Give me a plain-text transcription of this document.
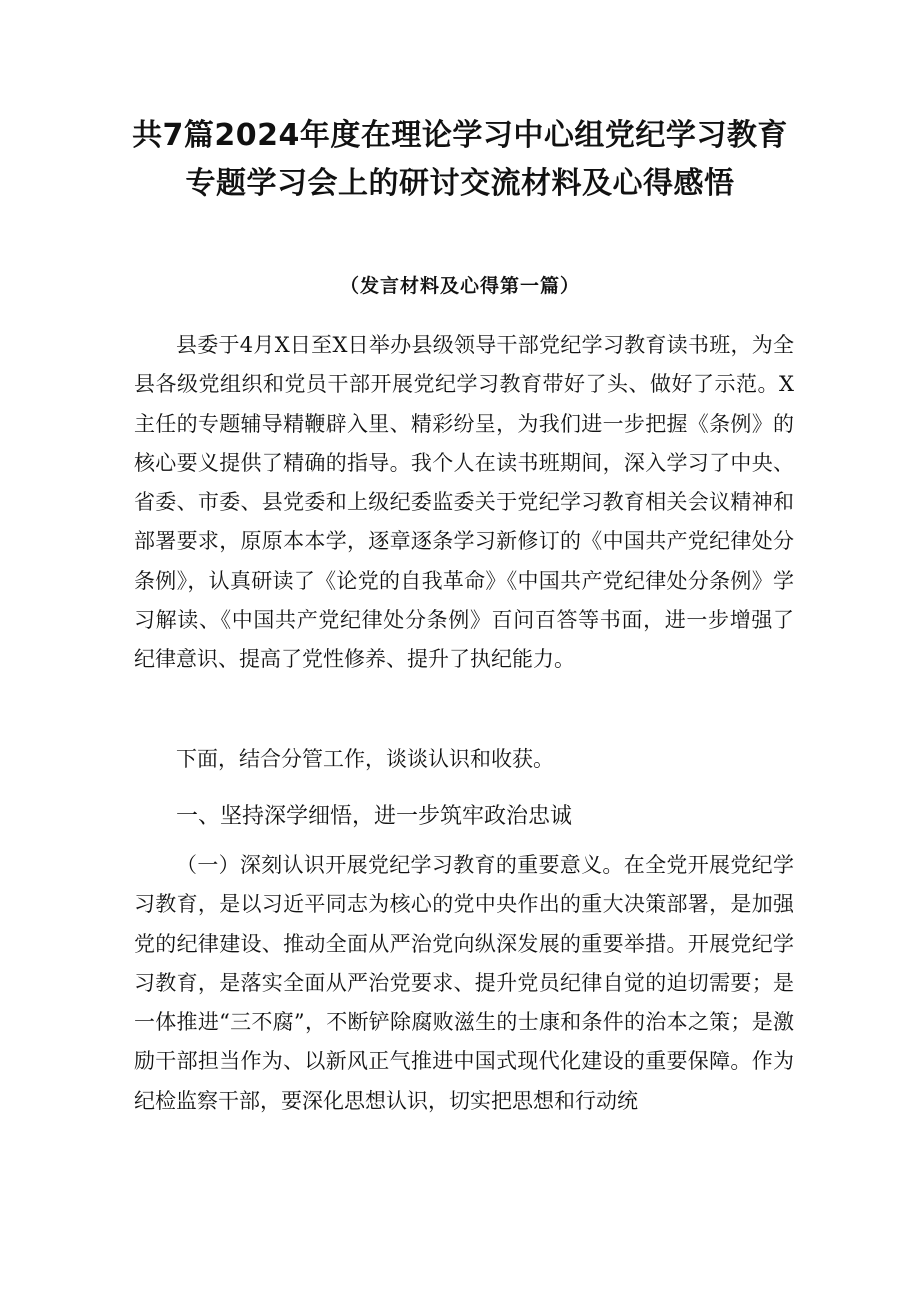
共7篇2024年度在理论学习中心组党纪学习教育
专题学习会上的研讨交流材料及心得感悟
（发言材料及心得第一篇）

县委于4月X日至X日举办县级领导干部党纪学习教育读书班，为全县各级党组织和党员干部开展党纪学习教育带好了头、做好了示范。X主任的专题辅导精鞭辟入里、精彩纷呈，为我们进一步把握《条例》的核心要义提供了精确的指导。我个人在读书班期间，深入学习了中央、省委、市委、县党委和上级纪委监委关于党纪学习教育相关会议精神和部署要求，原原本本学，逐章逐条学习新修订的《中国共产党纪律处分条例》，认真研读了《论党的自我革命》《中国共产党纪律处分条例》学习解读、《中国共产党纪律处分条例》百问百答等书面，进一步增强了纪律意识、提高了党性修养、提升了执纪能力。

下面，结合分管工作，谈谈认识和收获。

一、坚持深学细悟，进一步筑牢政治忠诚

（一）深刻认识开展党纪学习教育的重要意义。在全党开展党纪学习教育，是以习近平同志为核心的党中央作出的重大决策部署，是加强党的纪律建设、推动全面从严治党向纵深发展的重要举措。开展党纪学习教育，是落实全面从严治党要求、提升党员纪律自觉的迫切需要；是一体推进“三不腐”，不断铲除腐败滋生的士康和条件的治本之策；是激励干部担当作为、以新风正气推进中国式现代化建设的重要保障。作为纪检监察干部，要深化思想认识，切实把思想和行动统
